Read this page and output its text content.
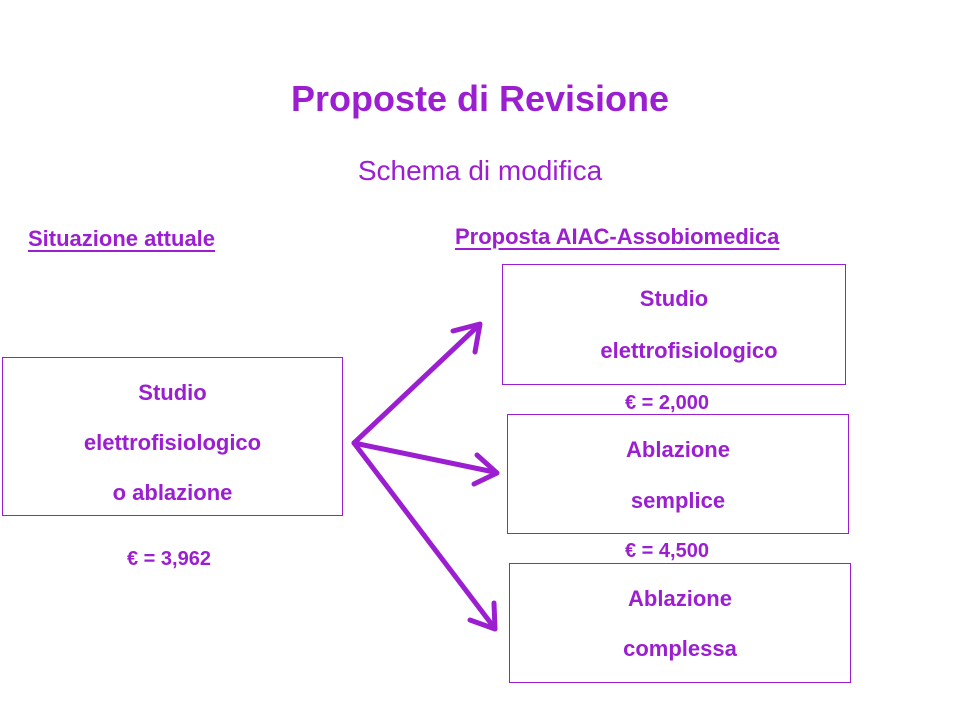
Proposte di Revisione
Schema di modifica
Situazione attuale	Proposta AIAC-Assobiomedica
Studio
elettrofisiologico
o ablazione
€ = 3,962
Studio
elettrofisiologico
€ = 2,000
Ablazione
semplice
€ = 4,500
Ablazione
complessa
